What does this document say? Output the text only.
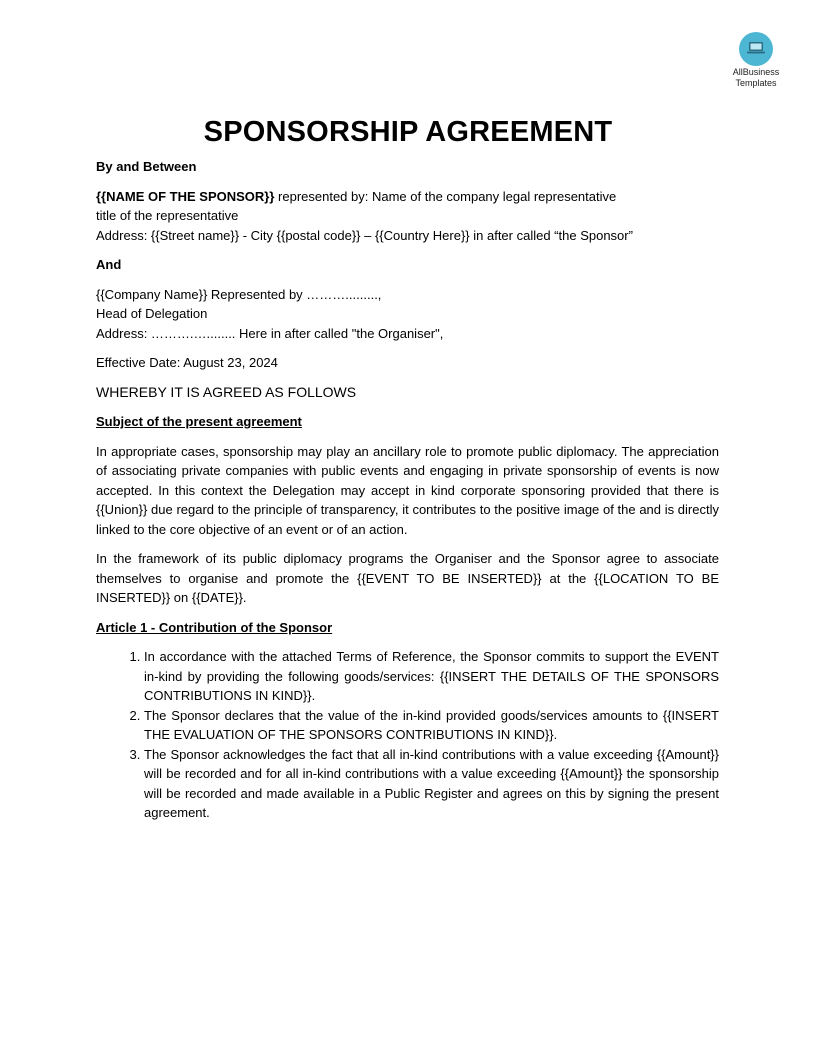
AllBusiness
Templates
SPONSORSHIP AGREEMENT

By and Between

{{NAME OF THE SPONSOR}} represented by: Name of the company legal representative

title of the representative

Address: {{Street name}} - City {{postal code}} – {{Country Here}} in after called “the Sponsor”

And

{{Company Name}} Represented by ……….........,

Head of Delegation

Address: ……….…........ Here in after called "the Organiser",

Effective Date: August 23, 2024

WHEREBY IT IS AGREED AS FOLLOWS

Subject of the present agreement

In appropriate cases, sponsorship may play an ancillary role to promote public diplomacy. The appreciation of associating private companies with public events and engaging in private sponsorship of events is now accepted. In this context the Delegation may accept in kind corporate sponsoring provided that there is {{Union}} due regard to the principle of transparency, it contributes to the positive image of the and is directly linked to the core objective of an event or of an action.

In the framework of its public diplomacy programs the Organiser and the Sponsor agree to associate themselves to organise and promote the {{EVENT TO BE INSERTED}} at the {{LOCATION TO BE INSERTED}} on {{DATE}}.

Article 1 - Contribution of the Sponsor

1. In accordance with the attached Terms of Reference, the Sponsor commits to support the EVENT in-kind by providing the following goods/services: {{INSERT THE DETAILS OF THE SPONSORS CONTRIBUTIONS IN KIND}}.
2. The Sponsor declares that the value of the in-kind provided goods/services amounts to {{INSERT THE EVALUATION OF THE SPONSORS CONTRIBUTIONS IN KIND}}.
3. The Sponsor acknowledges the fact that all in-kind contributions with a value exceeding {{Amount}} will be recorded and for all in-kind contributions with a value exceeding {{Amount}} the sponsorship will be recorded and made available in a Public Register and agrees on this by signing the present agreement.
